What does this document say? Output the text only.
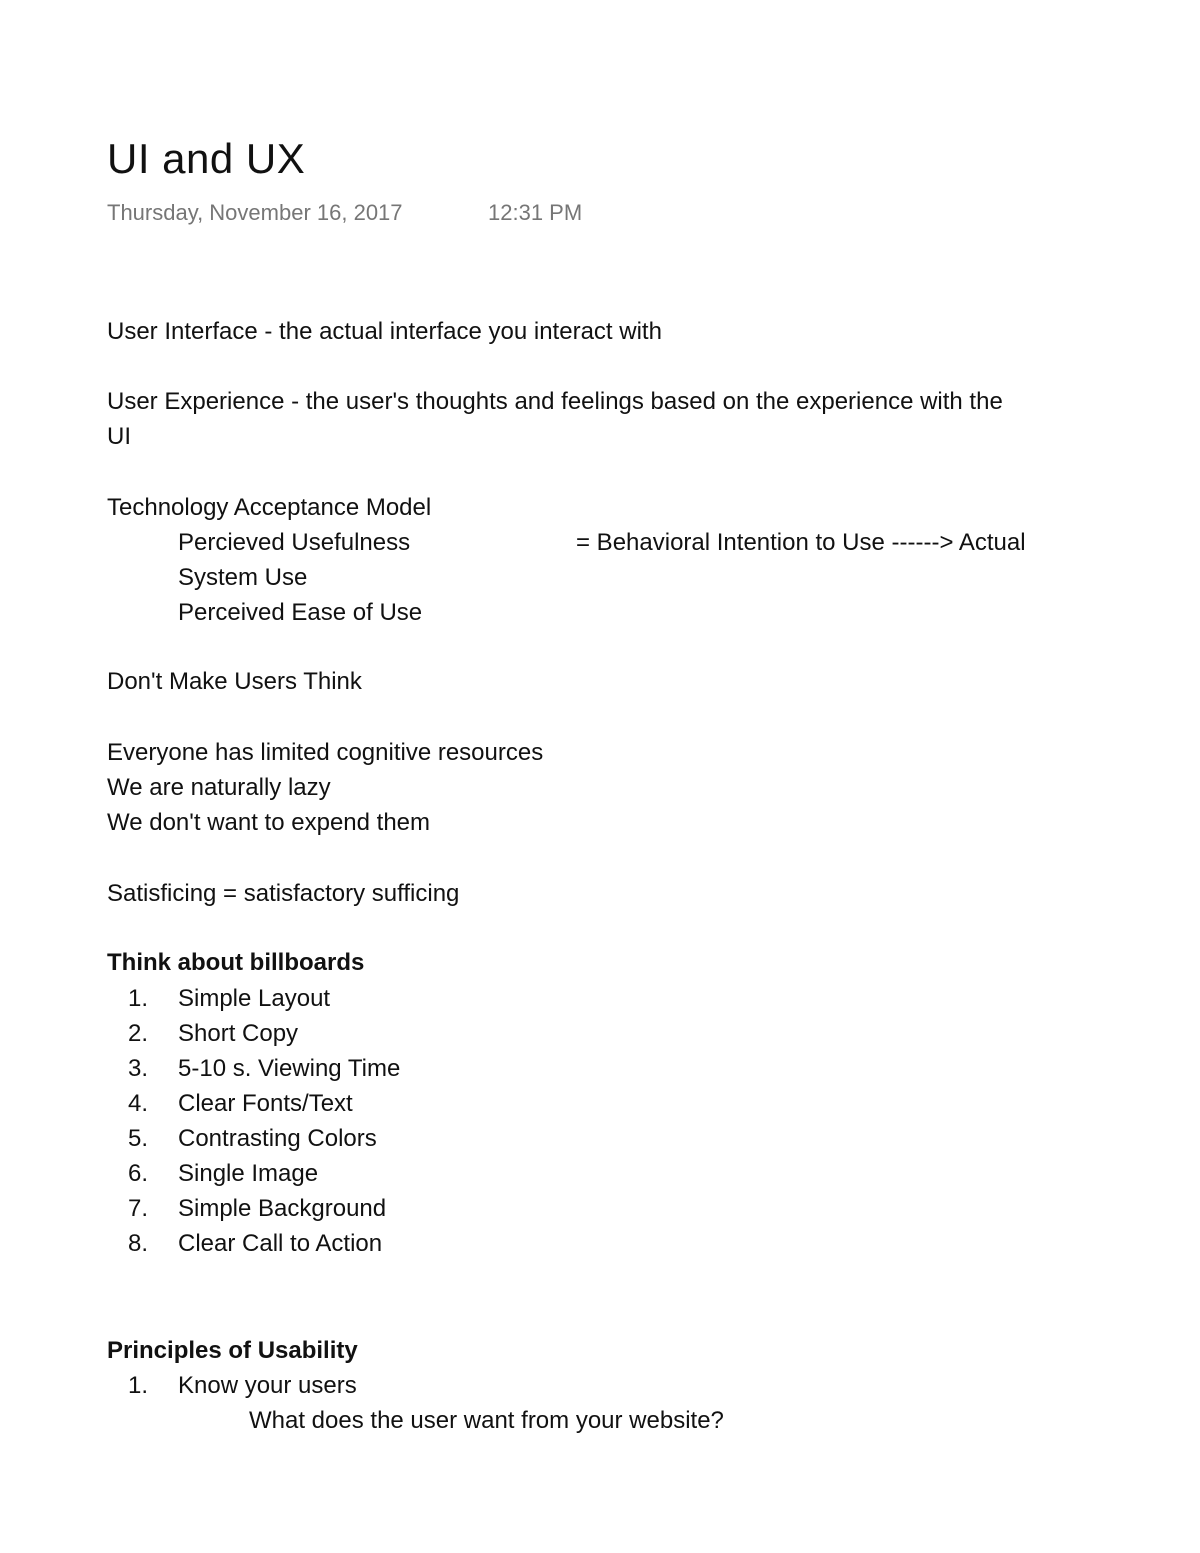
UI and UX
Thursday, November 16, 2017	12:31 PM
User Interface - the actual interface you interact with
User Experience - the user's thoughts and feelings based on the experience with the
UI
Technology Acceptance Model
Percieved Usefulness	= Behavioral Intention to Use ------> Actual
System Use
Perceived Ease of Use
Don't Make Users Think
Everyone has limited cognitive resources
We are naturally lazy
We don't want to expend them
Satisficing = satisfactory sufficing
Think about billboards
1. Simple Layout
2. Short Copy
3. 5-10 s. Viewing Time
4. Clear Fonts/Text
5. Contrasting Colors
6. Single Image
7. Simple Background
8. Clear Call to Action
Principles of Usability
1. Know your users
What does the user want from your website?
